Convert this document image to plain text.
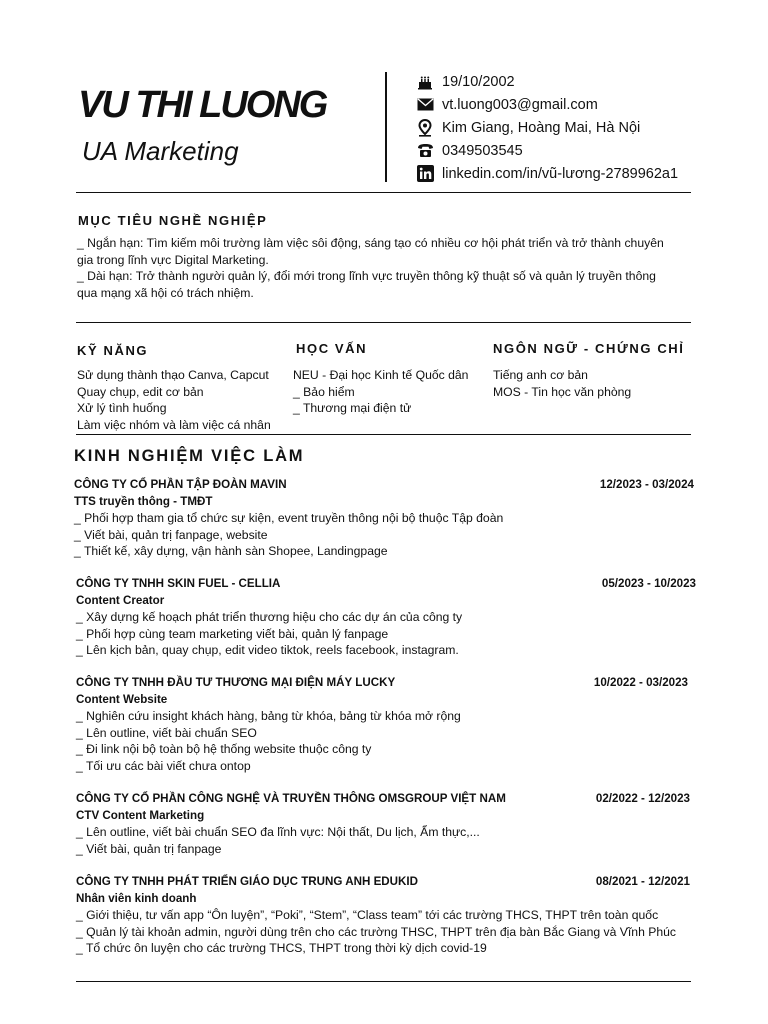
VU THI LUONG
UA Marketing
19/10/2002
vt.luong003@gmail.com
Kim Giang, Hoàng Mai, Hà Nội
0349503545
linkedin.com/in/vũ-lương-2789962a1
MỤC TIÊU NGHỀ NGHIỆP
_ Ngắn hạn: Tìm kiếm môi trường làm việc sôi động, sáng tạo có nhiều cơ hội phát triển và trở thành chuyên
gia trong lĩnh vực Digital Marketing.
_ Dài hạn: Trở thành người quản lý, đổi mới trong lĩnh vực truyền thông kỹ thuật số và quản lý truyền thông
qua mạng xã hội có trách nhiệm.
KỸ NĂNG
Sử dụng thành thạo Canva, Capcut
Quay chụp, edit cơ bản
Xử lý tình huống
Làm việc nhóm và làm việc cá nhân
HỌC VẤN
NEU - Đại học Kinh tế Quốc dân
_ Bảo hiểm
_ Thương mại điện tử
NGÔN NGỮ - CHỨNG CHỈ
Tiếng anh cơ bản
MOS - Tin học văn phòng
KINH NGHIỆM VIỆC LÀM
CÔNG TY CỔ PHẦN TẬP ĐOÀN MAVIN	12/2023 - 03/2024
TTS truyền thông - TMĐT
_ Phối hợp tham gia tổ chức sự kiện, event truyền thông nội bộ thuộc Tập đoàn
_ Viết bài, quản trị fanpage, website
_ Thiết kế, xây dựng, vận hành sàn Shopee, Landingpage
CÔNG TY TNHH SKIN FUEL - CELLIA	05/2023 - 10/2023
Content Creator
_ Xây dựng kế hoạch phát triển thương hiệu cho các dự án của công ty
_ Phối hợp cùng team marketing viết bài, quản lý fanpage
_ Lên kịch bản, quay chụp, edit video tiktok, reels facebook, instagram.
CÔNG TY TNHH ĐẦU TƯ THƯƠNG MẠI ĐIỆN MÁY LUCKY	10/2022 - 03/2023
Content Website
_ Nghiên cứu insight khách hàng, bảng từ khóa, bảng từ khóa mở rộng
_ Lên outline, viết bài chuẩn SEO
_ Đi link nội bộ toàn bộ hệ thống website thuộc công ty
_ Tối ưu các bài viết chưa ontop
CÔNG TY CỔ PHẦN CÔNG NGHỆ VÀ TRUYỀN THÔNG OMSGROUP VIỆT NAM	02/2022 - 12/2023
CTV Content Marketing
_ Lên outline, viết bài chuẩn SEO đa lĩnh vực: Nội thất, Du lịch, Ẩm thực,...
_ Viết bài, quản trị fanpage
CÔNG TY TNHH PHÁT TRIỂN GIÁO DỤC TRUNG ANH EDUKID	08/2021 - 12/2021
Nhân viên kinh doanh
_ Giới thiệu, tư vấn app “Ôn luyện”, “Poki”, “Stem”, “Class team” tới các trường THCS, THPT trên toàn quốc
_ Quản lý tài khoản admin, người dùng trên cho các trường THSC, THPT trên địa bàn Bắc Giang và Vĩnh Phúc
_ Tổ chức ôn luyện cho các trường THCS, THPT trong thời kỳ dịch covid-19
